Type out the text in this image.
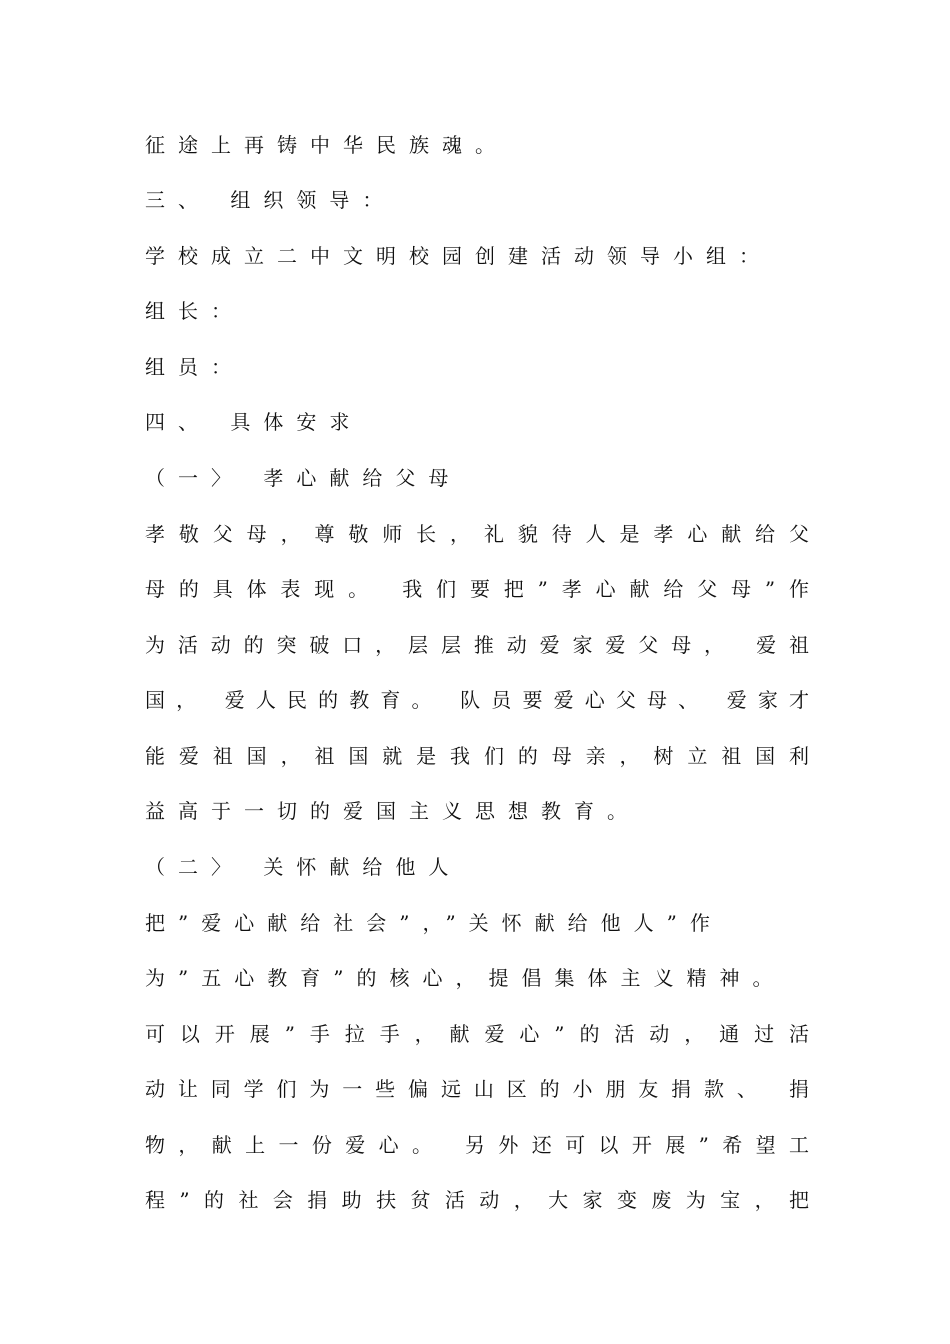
征途上再铸中华民族魂。
三、 组织领导：
学校成立二中文明校园创建活动领导小组：
组长：
组员：
四、 具体安求
（一〉 孝心献给父母
孝敬父母，尊敬师长，礼貌待人是孝心献给父
母的具体表现。 我们要把”孝心献给父母”作
为活动的突破口，层层推动爱家爱父母， 爱祖
国， 爱人民的教育。 队员要爱心父母、 爱家才
能爱祖国，祖国就是我们的母亲，树立祖国利
益高于一切的爱国主义思想教育。
（二〉 关怀献给他人
把”爱心献给社会”，”关怀献给他人”作
为”五心教育”的核心，提倡集体主义精神。
可以开展”手拉手，献爱心”的活动，通过活
动让同学们为一些偏远山区的小朋友捐款、 捐
物，献上一份爱心。 另外还可以开展”希望工
程”的社会捐助扶贫活动，大家变废为宝，把
